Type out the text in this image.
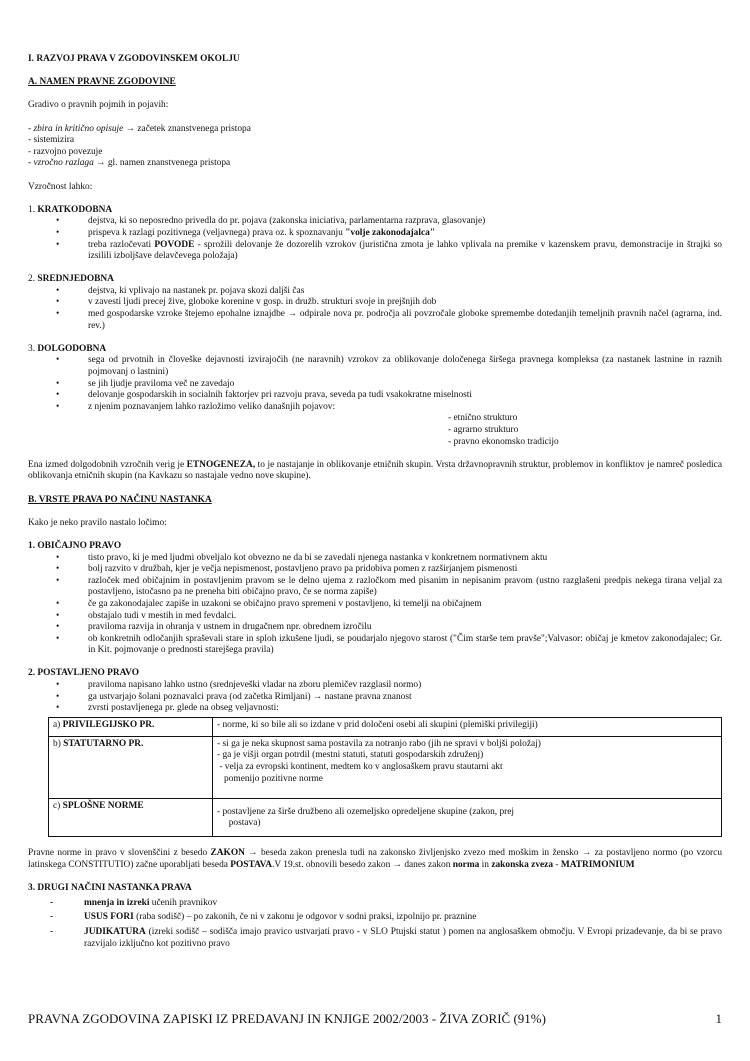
I. RAZVOJ PRAVA V ZGODOVINSKEM OKOLJU

A. NAMEN PRAVNE ZGODOVINE

Gradivo o pravnih pojmih in pojavih:

- zbira in kritično opisuje → začetek znanstvenega pristopa
- sistemizira
- razvojno povezuje
- vzročno razlaga → gl. namen znanstvenega pristopa

Vzročnost lahko:

1. KRATKODOBNA
• dejstva, ki so neposredno privedla do pr. pojava (zakonska iniciativa, parlamentarna razprava, glasovanje)
• prispeva k razlagi pozitivnega (veljavnega) prava oz. k spoznavanju "volje zakonodajalca"
• treba razločevati POVODE - sprožili delovanje že dozorelih vzrokov (juristična zmota je lahko vplivala na premike v kazenskem pravu, demonstracije in štrajki so izsilili izboljšave delavčevega položaja)
2. SREDNJEDOBNA
• dejstva, ki vplivajo na nastanek pr. pojava skozi daljši čas
• v zavesti ljudi precej žive, globoke korenine v gosp. in družb. strukturi svoje in prejšnjih dob
• med gospodarske vzroke štejemo epohalne iznajdbe → odpirale nova pr. področja ali povzročale globoke spremembe dotedanjih temeljnih pravnih načel (agrarna, ind. rev.)
3. DOLGODOBNA
• sega od prvotnih in človeške dejavnosti izvirajočih (ne naravnih) vzrokov za oblikovanje določenega širšega pravnega kompleksa (za nastanek lastnine in raznih pojmovanj o lastnini)
• se jih ljudje praviloma več ne zavedajo
• delovanje gospodarskih in socialnih faktorjev pri razvoju prava, seveda pa tudi vsakokratne miselnosti
• z njenim poznavanjem lahko razložimo veliko današnjih pojavov:
- etnično strukturo
- agrarno strukturo
- pravno ekonomsko tradicijo

Ena izmed dolgodobnih vzročnih verig je ETNOGENEZA, to je nastajanje in oblikovanje etničnih skupin. Vrsta državnopravnih struktur, problemov in konfliktov je namreč posledica oblikovanja etničnih skupin (na Kavkazu so nastajale vedno nove skupine).

B. VRSTE PRAVA PO NAČINU NASTANKA

Kako je neko pravilo nastalo ločimo:

1. OBIČAJNO PRAVO
• tisto pravo, ki je med ljudmi obveljalo kot obvezno ne da bi se zavedali njenega nastanka v konkretnem normativnem aktu
• bolj razvito v družbah, kjer je večja nepismenost, postavljeno pravo pa pridobiva pomen z razširjanjem pismenosti
• razloček med običajnim in postavljenim pravom se le delno ujema z razločkom med pisanim in nepisanim pravom (ustno razglašeni predpis nekega tirana veljal za postavljeno, istočasno pa ne preneha biti običajno pravo, če se norma zapiše)
• če ga zakonodajalec zapiše in uzakoni se običajno pravo spremeni v postavljeno, ki temelji na običajnem
• obstajalo tudi v mestih in med fevdalci.
• praviloma razvija in ohranja v ustnem in drugačnem npr. obrednem izročilu
• ob konkretnih odločanjih spraševali stare in sploh izkušene ljudi, se poudarjalo njegovo starost ("Čim starše tem pravše";Valvasor: običaj je kmetov zakonodajalec; Gr. in Kit. pojmovanje o prednosti starejšega pravila)
2. POSTAVLJENO PRAVO
• praviloma napisano lahko ustno (srednjeveški vladar na zboru plemičev razglasil normo)
• ga ustvarjajo šolani poznavalci prava (od začetka Rimljani) → nastane pravna znanost
• zvrsti postavljenega pr. glede na obseg veljavnosti:
a) PRIVILEGIJSKO PR.	- norme, ki so bile ali so izdane v prid določeni osebi ali skupini (plemiški privilegiji)

b) STATUTARNO PR.	- si ga je neka skupnost sama postavila za notranjo rabo (jih ne spravi v boljši položaj)
- ga je višji organ potrdil (mestni statuti, statuti gospodarskih združenj)
- velja za evropski kontinent, medtem ko v anglosaškem pravu stautarni akt
pomenijo pozitivne norme

c) SPLOŠNE NORME	- postavljene za širše družbeno ali ozemeljsko opredeljene skupine (zakon, prej
postava)

Pravne norme in pravo v slovenščini z besedo ZAKON → beseda zakon prenesla tudi na zakonsko življenjsko zvezo med moškim in žensko → za postavljeno normo (po vzorcu latinskega CONSTITUTIO) začne uporabljati beseda POSTAVA.V 19.st. obnovili besedo zakon → danes zakon norma in zakonska zveza - MATRIMONIUM

3. DRUGI NAČINI NASTANKA PRAVA
- mnenja in izreki učenih pravnikov
- USUS FORI (raba sodišč) – po zakonih, če ni v zakonu je odgovor v sodni praksi, izpolnijo pr. praznine
- JUDIKATURA (izreki sodišč – sodišča imajo pravico ustvarjati pravo - v SLO Ptujski statut ) pomen na anglosaškem območju. V Evropi prizadevanje, da bi se pravo razvijalo izključno kot pozitivno pravo
PRAVNA ZGODOVINA ZAPISKI IZ PREDAVANJ IN KNJIGE 2002/2003 - ŽIVA ZORIČ (91%)	1
